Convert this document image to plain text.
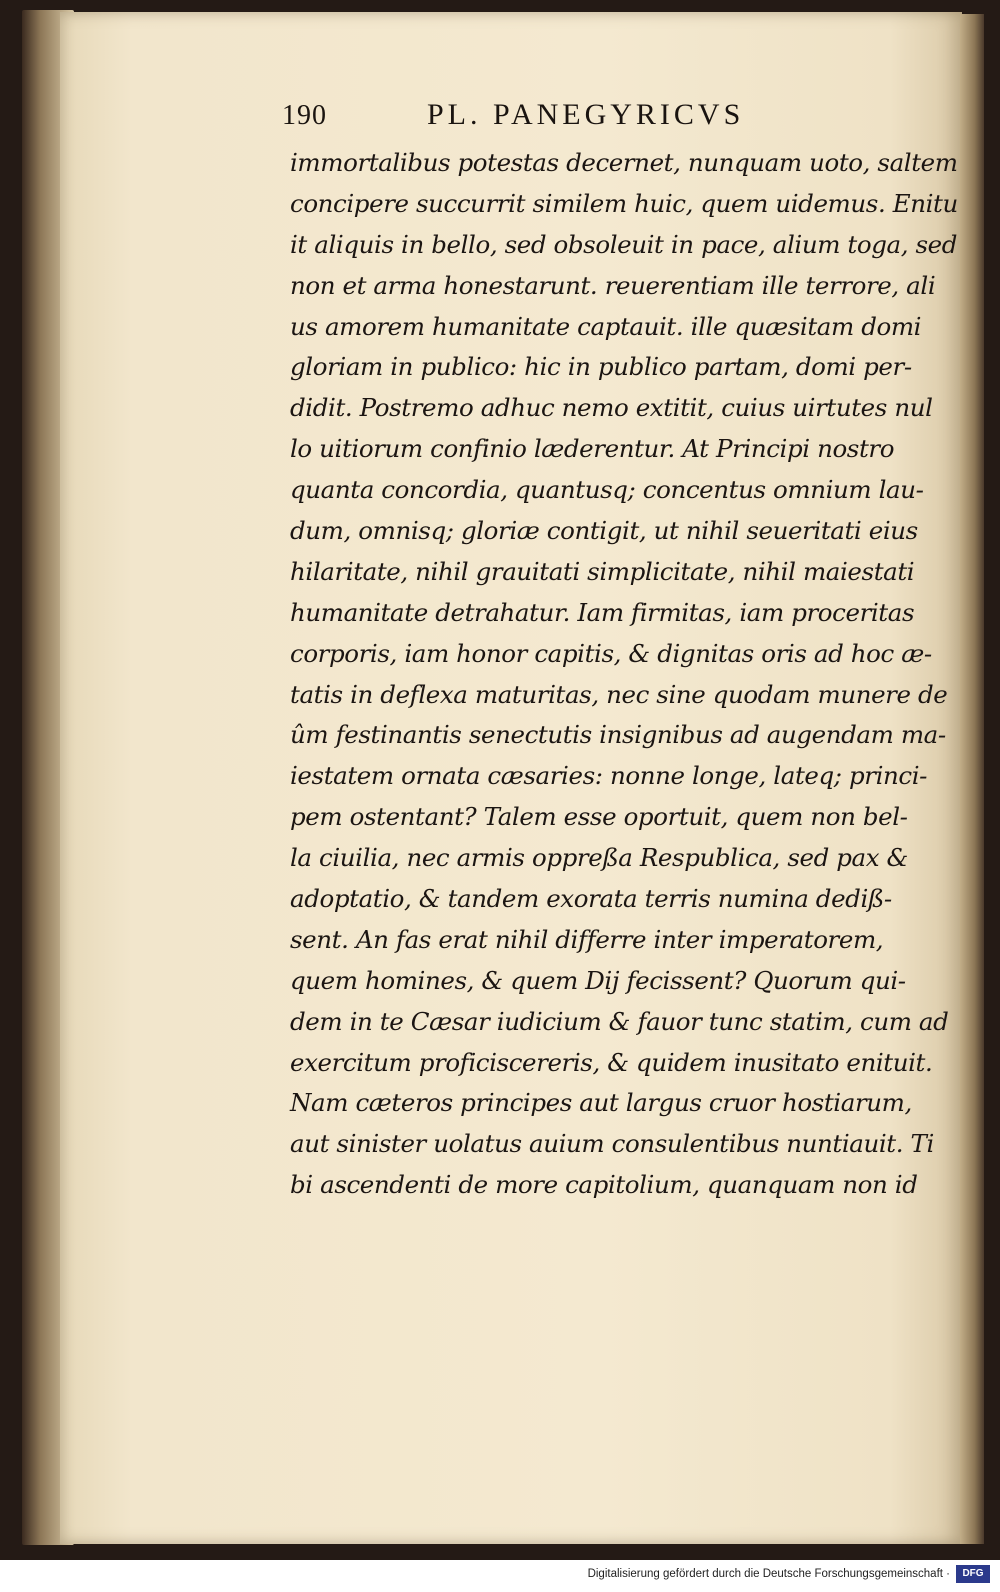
190	PL. PANEGYRICVS
immortalibus potestas decernet, nunquam uoto, saltem
concipere succurrit similem huic, quem uidemus. Enitu
it aliquis in bello, sed obsoleuit in pace, alium toga, sed
non et arma honestarunt. reuerentiam ille terrore, ali
us amorem humanitate captauit. ille quæsitam domi
gloriam in publico: hic in publico partam, domi per-
didit. Postremo adhuc nemo extitit, cuius uirtutes nul
lo uitiorum confinio læderentur. At Principi nostro
quanta concordia, quantusq; concentus omnium lau-
dum, omnisq; gloriæ contigit, ut nihil seueritati eius
hilaritate, nihil grauitati simplicitate, nihil maiestati
humanitate detrahatur. Iam firmitas, iam proceritas
corporis, iam honor capitis, & dignitas oris ad hoc æ-
tatis in deflexa maturitas, nec sine quodam munere de
ûm festinantis senectutis insignibus ad augendam ma-
iestatem ornata cæsaries: nonne longe, lateq; princi-
pem ostentant? Talem esse oportuit, quem non bel-
la ciuilia, nec armis oppreßa Respublica, sed pax &
adoptatio, & tandem exorata terris numina dediß-
sent. An fas erat nihil differre inter imperatorem,
quem homines, & quem Dij fecissent? Quorum qui-
dem in te Cæsar iudicium & fauor tunc statim, cum ad
exercitum proficiscereris, & quidem inusitato enituit.
Nam cæteros principes aut largus cruor hostiarum,
aut sinister uolatus auium consulentibus nuntiauit. Ti
bi ascendenti de more capitolium, quanquam non id
Digitalisierung gefördert durch die Deutsche Forschungsgemeinschaft ·	DFG
